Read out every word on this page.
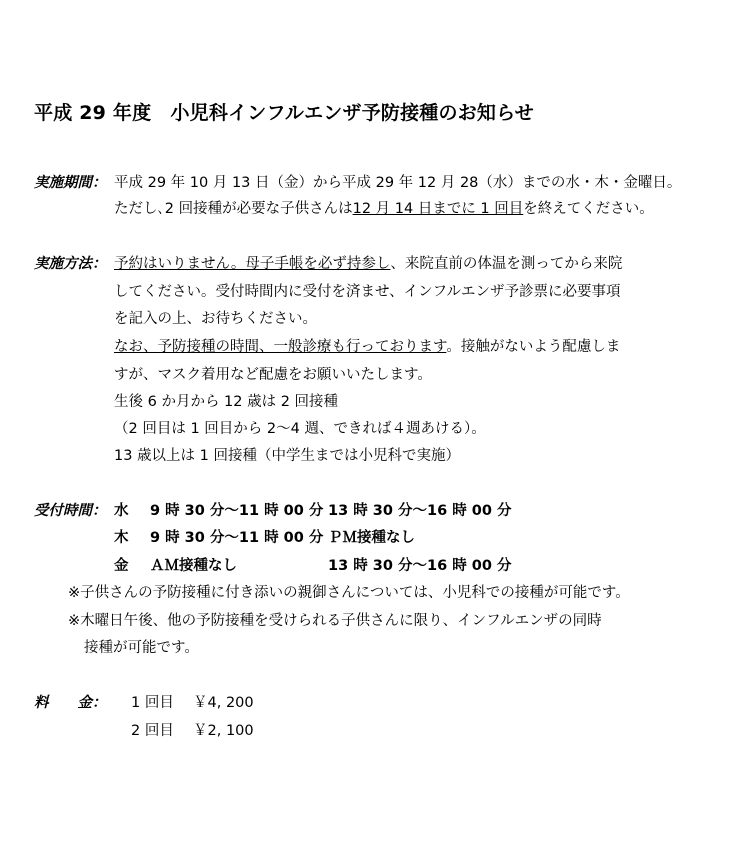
平成 29 年度　小児科インフルエンザ予防接種のお知らせ
実施期間： 平成 29 年 10 月 13 日（金）から平成 29 年 12 月 28（水）までの水・木・金曜日。
ただし､2 回接種が必要な子供さんは12 月 14 日までに 1 回目を終えてください。
実施方法： 予約はいりません。母子手帳を必ず持参し、来院直前の体温を測ってから来院
してください。受付時間内に受付を済ませ、インフルエンザ予診票に必要事項
を記入の上、お待ちください。
なお、予防接種の時間、一般診療も行っております。接触がないよう配慮しま
すが、マスク着用など配慮をお願いいたします。
生後 6 か月から 12 歳は 2 回接種
（2 回目は 1 回目から 2～4 週、できれば４週あける）。
13 歳以上は 1 回接種（中学生までは小児科で実施）
受付時間： 水 9 時 30 分～11 時 00 分 13 時 30 分～16 時 00 分
木 9 時 30 分～11 時 00 分 ＰＭ接種なし
金 ＡＭ接種なし	13 時 30 分～16 時 00 分
※子供さんの予防接種に付き添いの親御さんについては、小児科での接種が可能です。
※木曜日午後、他の予防接種を受けられる子供さんに限り、インフルエンザの同時
接種が可能です。
料　　金： 1 回目 ￥4, 200
2 回目 ￥2, 100
